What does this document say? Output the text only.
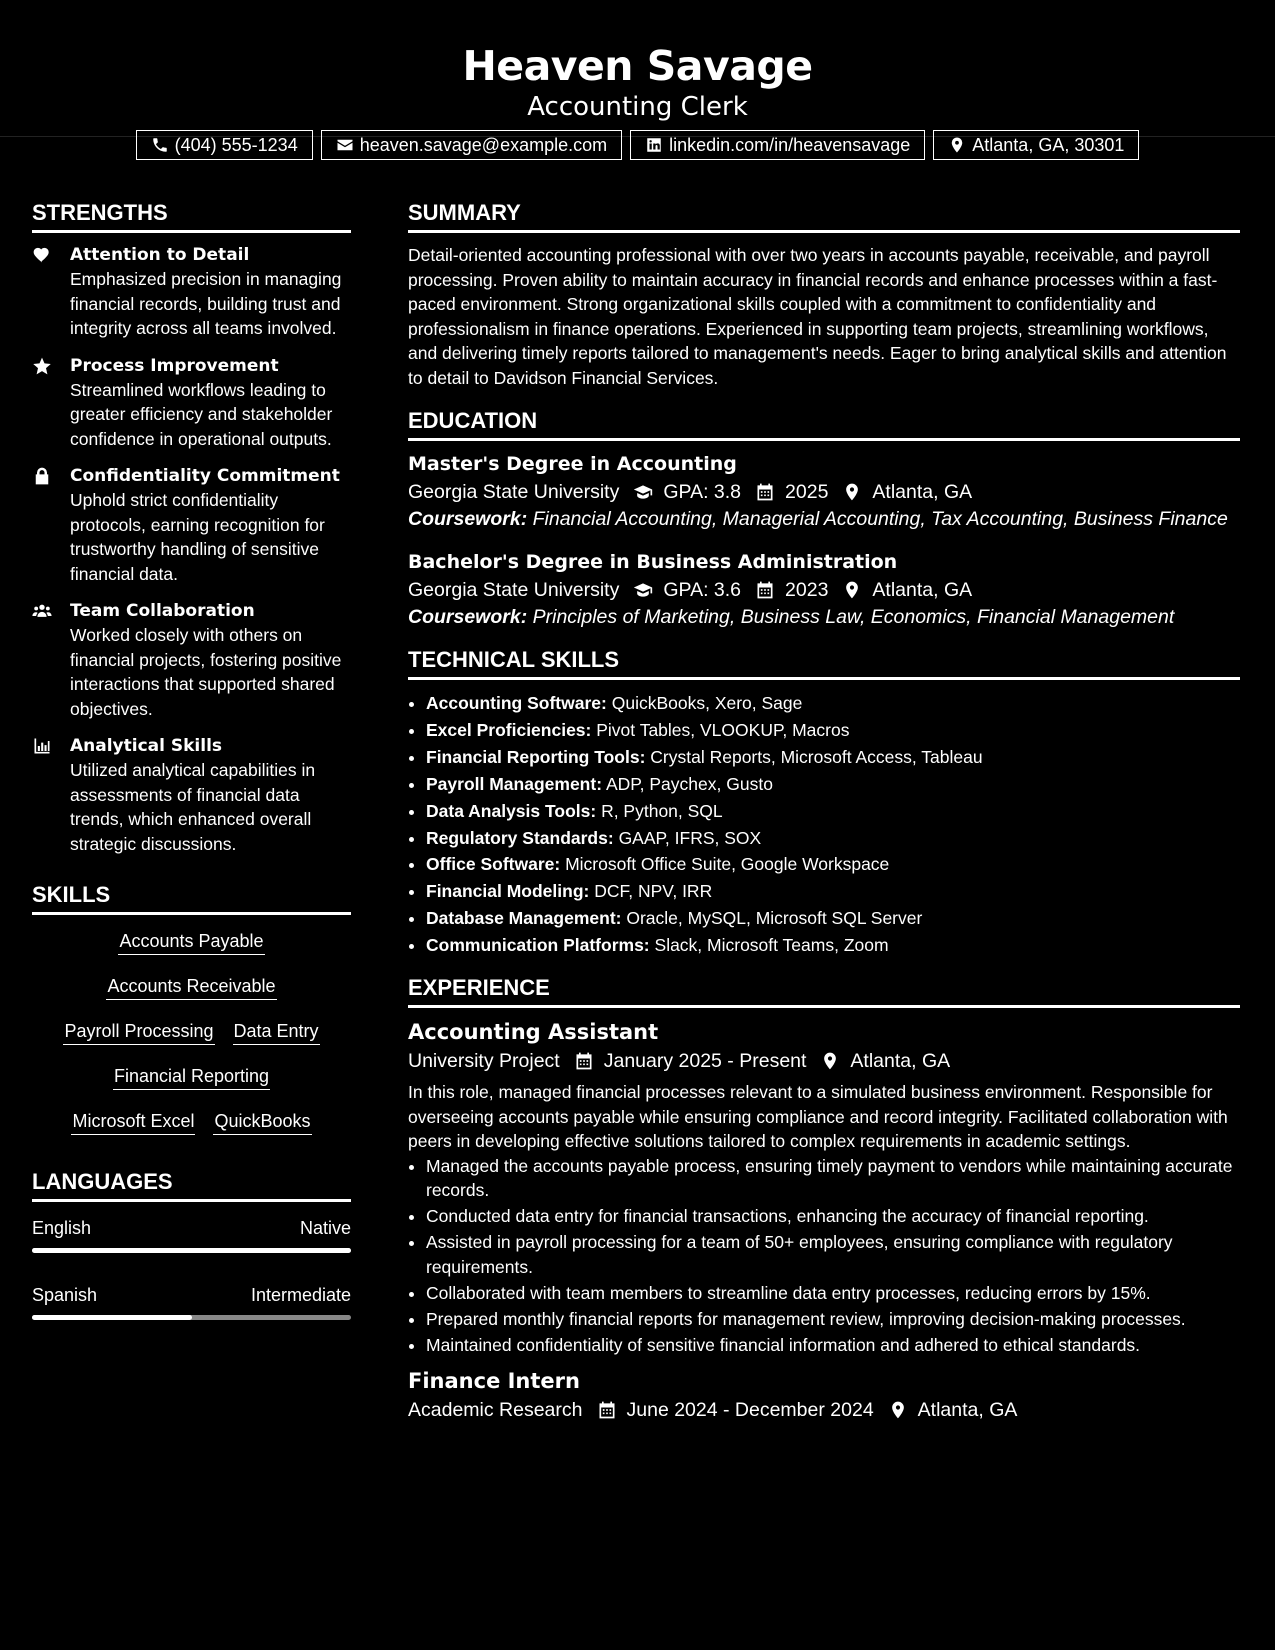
Heaven Savage
Accounting Clerk
(404) 555-1234	heaven.savage@example.com	linkedin.com/in/heavensavage	Atlanta, GA, 30301
STRENGTHS
Attention to Detail
Emphasized precision in managing financial records, building trust and integrity across all teams involved.
Process Improvement
Streamlined workflows leading to greater efficiency and stakeholder confidence in operational outputs.
Confidentiality Commitment
Uphold strict confidentiality protocols, earning recognition for trustworthy handling of sensitive financial data.
Team Collaboration
Worked closely with others on financial projects, fostering positive interactions that supported shared objectives.
Analytical Skills
Utilized analytical capabilities in assessments of financial data trends, which enhanced overall strategic discussions.
SKILLS
Accounts Payable
Accounts Receivable
Payroll Processing Data Entry
Financial Reporting
Microsoft Excel QuickBooks
LANGUAGES
English	Native
Spanish	Intermediate
SUMMARY
Detail-oriented accounting professional with over two years in accounts payable, receivable, and payroll processing. Proven ability to maintain accuracy in financial records and enhance processes within a fast-paced environment. Strong organizational skills coupled with a commitment to confidentiality and professionalism in finance operations. Experienced in supporting team projects, streamlining workflows, and delivering timely reports tailored to management's needs. Eager to bring analytical skills and attention to detail to Davidson Financial Services.
EDUCATION
Master's Degree in Accounting
Georgia State University GPA: 3.8 2025 Atlanta, GA
Coursework: Financial Accounting, Managerial Accounting, Tax Accounting, Business Finance
Bachelor's Degree in Business Administration
Georgia State University GPA: 3.6 2023 Atlanta, GA
Coursework: Principles of Marketing, Business Law, Economics, Financial Management
TECHNICAL SKILLS
• Accounting Software: QuickBooks, Xero, Sage
• Excel Proficiencies: Pivot Tables, VLOOKUP, Macros
• Financial Reporting Tools: Crystal Reports, Microsoft Access, Tableau
• Payroll Management: ADP, Paychex, Gusto
• Data Analysis Tools: R, Python, SQL
• Regulatory Standards: GAAP, IFRS, SOX
• Office Software: Microsoft Office Suite, Google Workspace
• Financial Modeling: DCF, NPV, IRR
• Database Management: Oracle, MySQL, Microsoft SQL Server
• Communication Platforms: Slack, Microsoft Teams, Zoom
EXPERIENCE
Accounting Assistant
University Project January 2025 - Present Atlanta, GA
In this role, managed financial processes relevant to a simulated business environment. Responsible for overseeing accounts payable while ensuring compliance and record integrity. Facilitated collaboration with peers in developing effective solutions tailored to complex requirements in academic settings.
• Managed the accounts payable process, ensuring timely payment to vendors while maintaining accurate records.
• Conducted data entry for financial transactions, enhancing the accuracy of financial reporting.
• Assisted in payroll processing for a team of 50+ employees, ensuring compliance with regulatory requirements.
• Collaborated with team members to streamline data entry processes, reducing errors by 15%.
• Prepared monthly financial reports for management review, improving decision-making processes.
• Maintained confidentiality of sensitive financial information and adhered to ethical standards.
Finance Intern
Academic Research June 2024 - December 2024 Atlanta, GA
